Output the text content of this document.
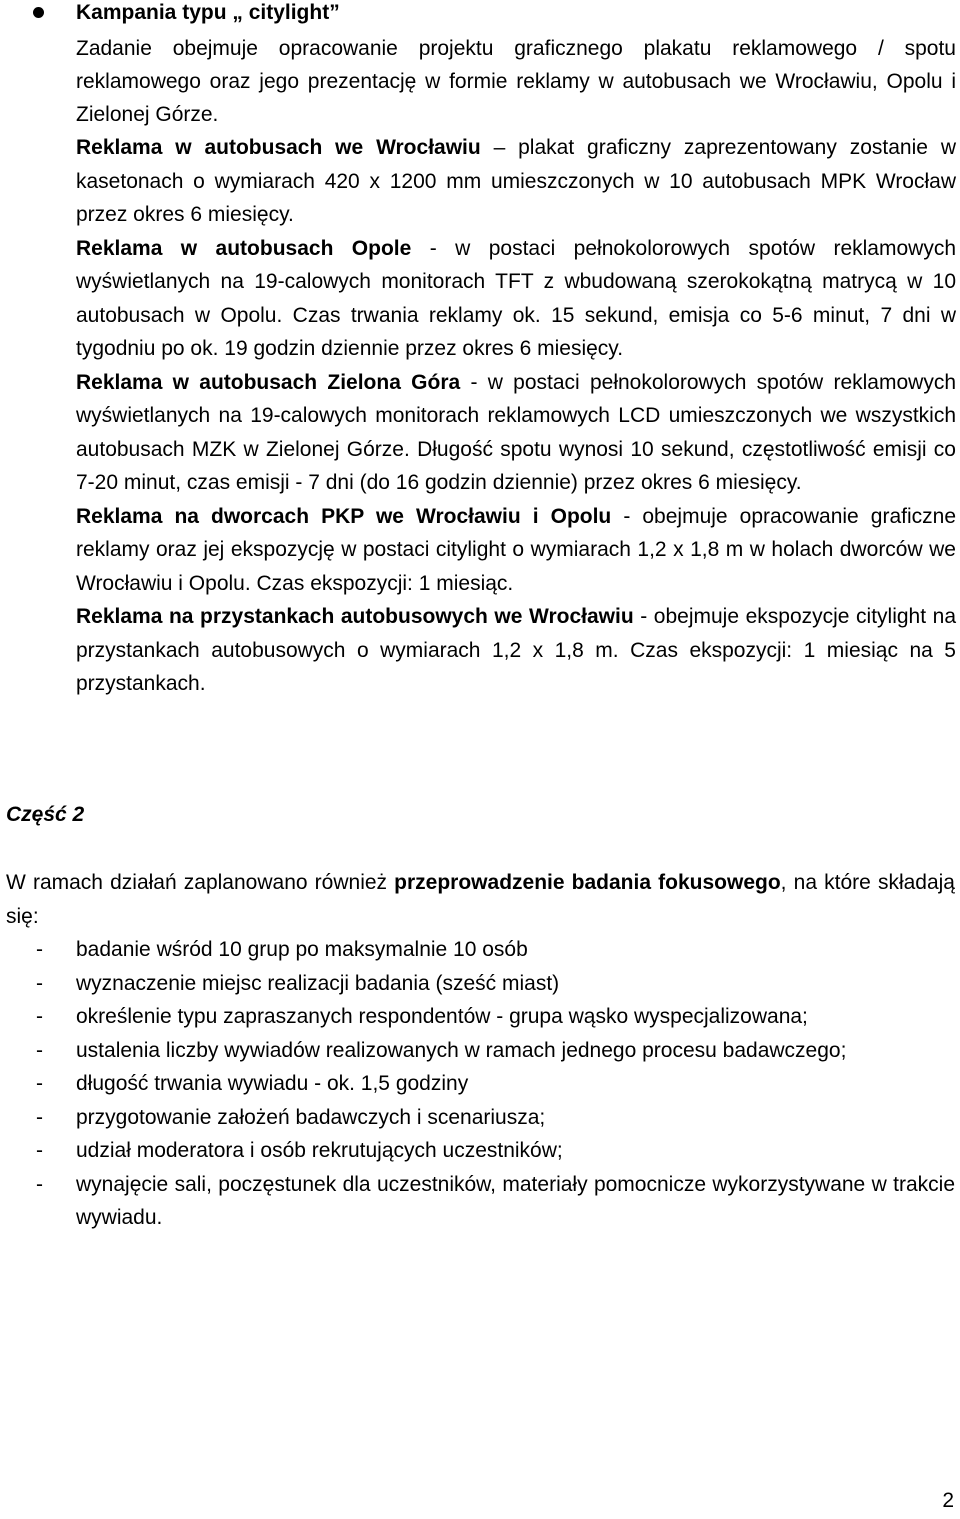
Kampania typu „ citylight”

Zadanie obejmuje opracowanie projektu graficznego plakatu reklamowego / spotu reklamowego oraz jego prezentację w formie reklamy w autobusach we Wrocławiu, Opolu i Zielonej Górze.

Reklama w autobusach we Wrocławiu – plakat graficzny zaprezentowany zostanie w kasetonach o wymiarach 420 x 1200 mm umieszczonych w 10 autobusach MPK Wrocław przez okres 6 miesięcy.

Reklama w autobusach Opole - w postaci pełnokolorowych spotów reklamowych wyświetlanych na 19-calowych monitorach TFT z wbudowaną szerokokątną matrycą w 10 autobusach w Opolu. Czas trwania reklamy ok. 15 sekund, emisja co 5-6 minut, 7 dni w tygodniu po ok. 19 godzin dziennie przez okres 6 miesięcy.

Reklama w autobusach Zielona Góra - w postaci pełnokolorowych spotów reklamowych wyświetlanych na 19-calowych monitorach reklamowych LCD umieszczonych we wszystkich autobusach MZK w Zielonej Górze. Długość spotu wynosi 10 sekund, częstotliwość emisji co 7-20 minut, czas emisji - 7 dni (do 16 godzin dziennie) przez okres 6 miesięcy.

Reklama na dworcach PKP we Wrocławiu i Opolu - obejmuje opracowanie graficzne reklamy oraz jej ekspozycję w postaci citylight o wymiarach 1,2 x 1,8 m w holach dworców we Wrocławiu i Opolu. Czas ekspozycji: 1 miesiąc.

Reklama na przystankach autobusowych we Wrocławiu - obejmuje ekspozycje citylight na przystankach autobusowych o wymiarach 1,2 x 1,8 m. Czas ekspozycji: 1 miesiąc na 5 przystankach.

Część 2

W ramach działań zaplanowano również przeprowadzenie badania fokusowego, na które składają się:

- badanie wśród 10 grup po maksymalnie 10 osób
- wyznaczenie miejsc realizacji badania (sześć miast)
- określenie typu zapraszanych respondentów - grupa wąsko wyspecjalizowana;
- ustalenia liczby wywiadów realizowanych w ramach jednego procesu badawczego;
- długość trwania wywiadu - ok. 1,5 godziny
- przygotowanie założeń badawczych i scenariusza;
- udział moderatora i osób rekrutujących uczestników;
- wynajęcie sali, poczęstunek dla uczestników, materiały pomocnicze wykorzystywane w trakcie wywiadu.
2
